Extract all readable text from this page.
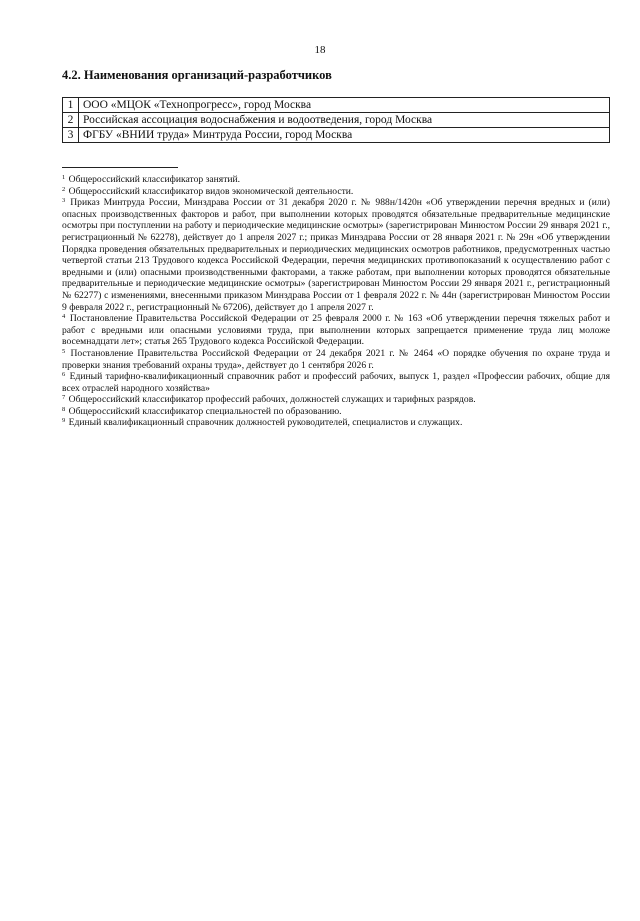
18
4.2. Наименования организаций-разработчиков
1	ООО «МЦОК «Технопрогресс», город Москва
2	Российская ассоциация водоснабжения и водоотведения, город Москва
3	ФГБУ «ВНИИ труда» Минтруда России, город Москва

$^1$ Общероссийский классификатор занятий.

$^2$ Общероссийский классификатор видов экономической деятельности.

$^3$ Приказ Минтруда России, Минздрава России от 31 декабря 2020 г. № 988н/1420н «Об утверждении перечня вредных и (или) опасных производственных факторов и работ, при выполнении которых проводятся обязательные предварительные медицинские осмотры при поступлении на работу и периодические медицинские осмотры» (зарегистрирован Минюстом России 29 января 2021 г., регистрационный № 62278), действует до 1 апреля 2027 г.; приказ Минздрава России от 28 января 2021 г. № 29н «Об утверждении Порядка проведения обязательных предварительных и периодических медицинских осмотров работников, предусмотренных частью четвертой статьи 213 Трудового кодекса Российской Федерации, перечня медицинских противопоказаний к осуществлению работ с вредными и (или) опасными производственными факторами, а также работам, при выполнении которых проводятся обязательные предварительные и периодические медицинские осмотры» (зарегистрирован Минюстом России 29 января 2021 г., регистрационный № 62277) с изменениями, внесенными приказом Минздрава России от 1 февраля 2022 г. № 44н (зарегистрирован Минюстом России 9 февраля 2022 г., регистрационный № 67206), действует до 1 апреля 2027 г.

$^4$ Постановление Правительства Российской Федерации от 25 февраля 2000 г. № 163 «Об утверждении перечня тяжелых работ и работ с вредными или опасными условиями труда, при выполнении которых запрещается применение труда лиц моложе восемнадцати лет»; статья 265 Трудового кодекса Российской Федерации.

$^5$ Постановление Правительства Российской Федерации от 24 декабря 2021 г. № 2464 «О порядке обучения по охране труда и проверки знания требований охраны труда», действует до 1 сентября 2026 г.

$^6$ Единый тарифно-квалификационный справочник работ и профессий рабочих, выпуск 1, раздел «Профессии рабочих, общие для всех отраслей народного хозяйства»

$^7$ Общероссийский классификатор профессий рабочих, должностей служащих и тарифных разрядов.

$^8$ Общероссийский классификатор специальностей по образованию.

$^9$ Единый квалификационный справочник должностей руководителей, специалистов и служащих.
